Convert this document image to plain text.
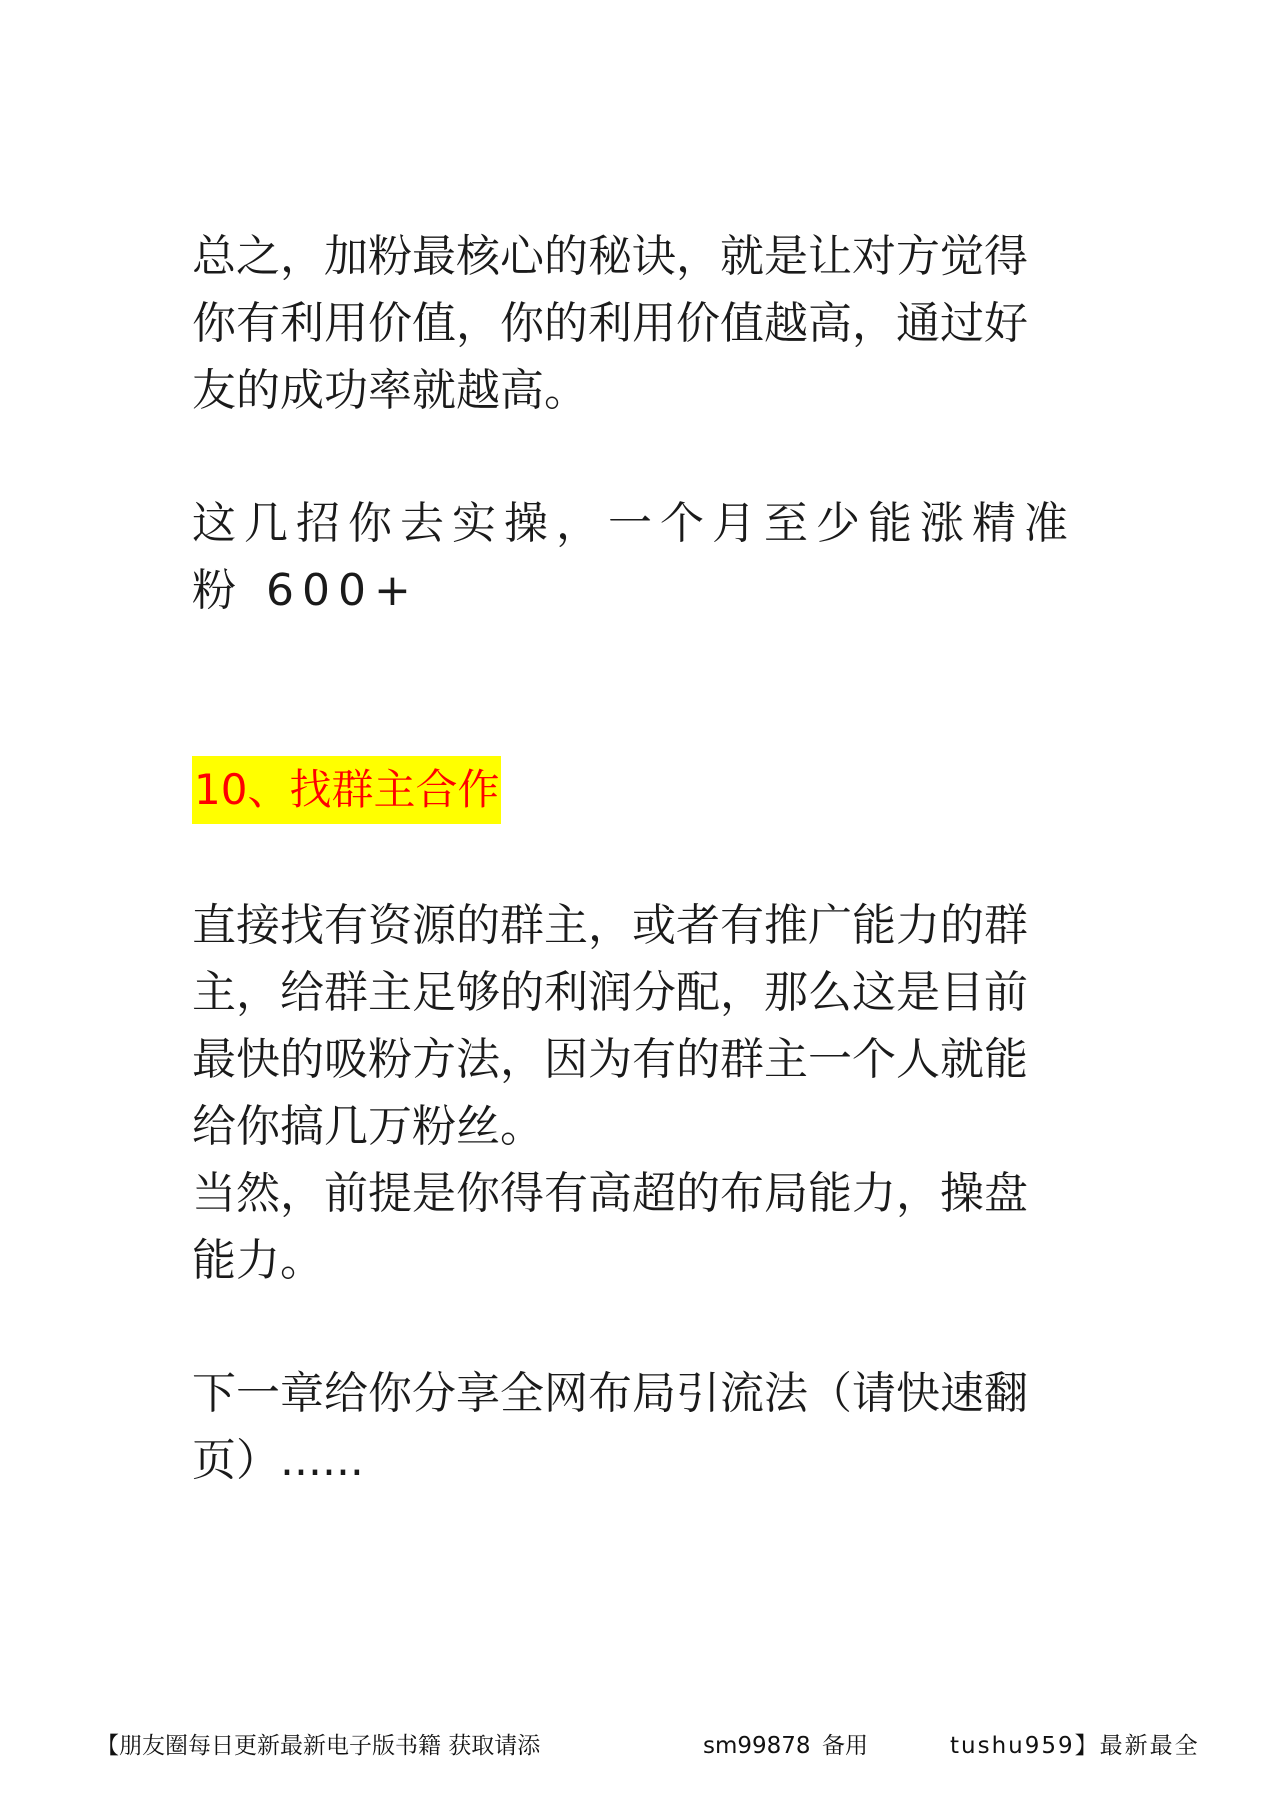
总之，加粉最核心的秘诀，就是让对方觉得
你有利用价值，你的利用价值越高，通过好
友的成功率就越高。
这几招你去实操，一个月至少能涨精准
粉 600+
10、找群主合作
直接找有资源的群主，或者有推广能力的群
主，给群主足够的利润分配，那么这是目前
最快的吸粉方法，因为有的群主一个人就能
给你搞几万粉丝。
当然，前提是你得有高超的布局能力，操盘
能力。
下一章给你分享全网布局引流法（请快速翻
页）......
【朋友圈每日更新最新电子版书籍 获取请添	sm99878 备用	tushu959】最新最全
